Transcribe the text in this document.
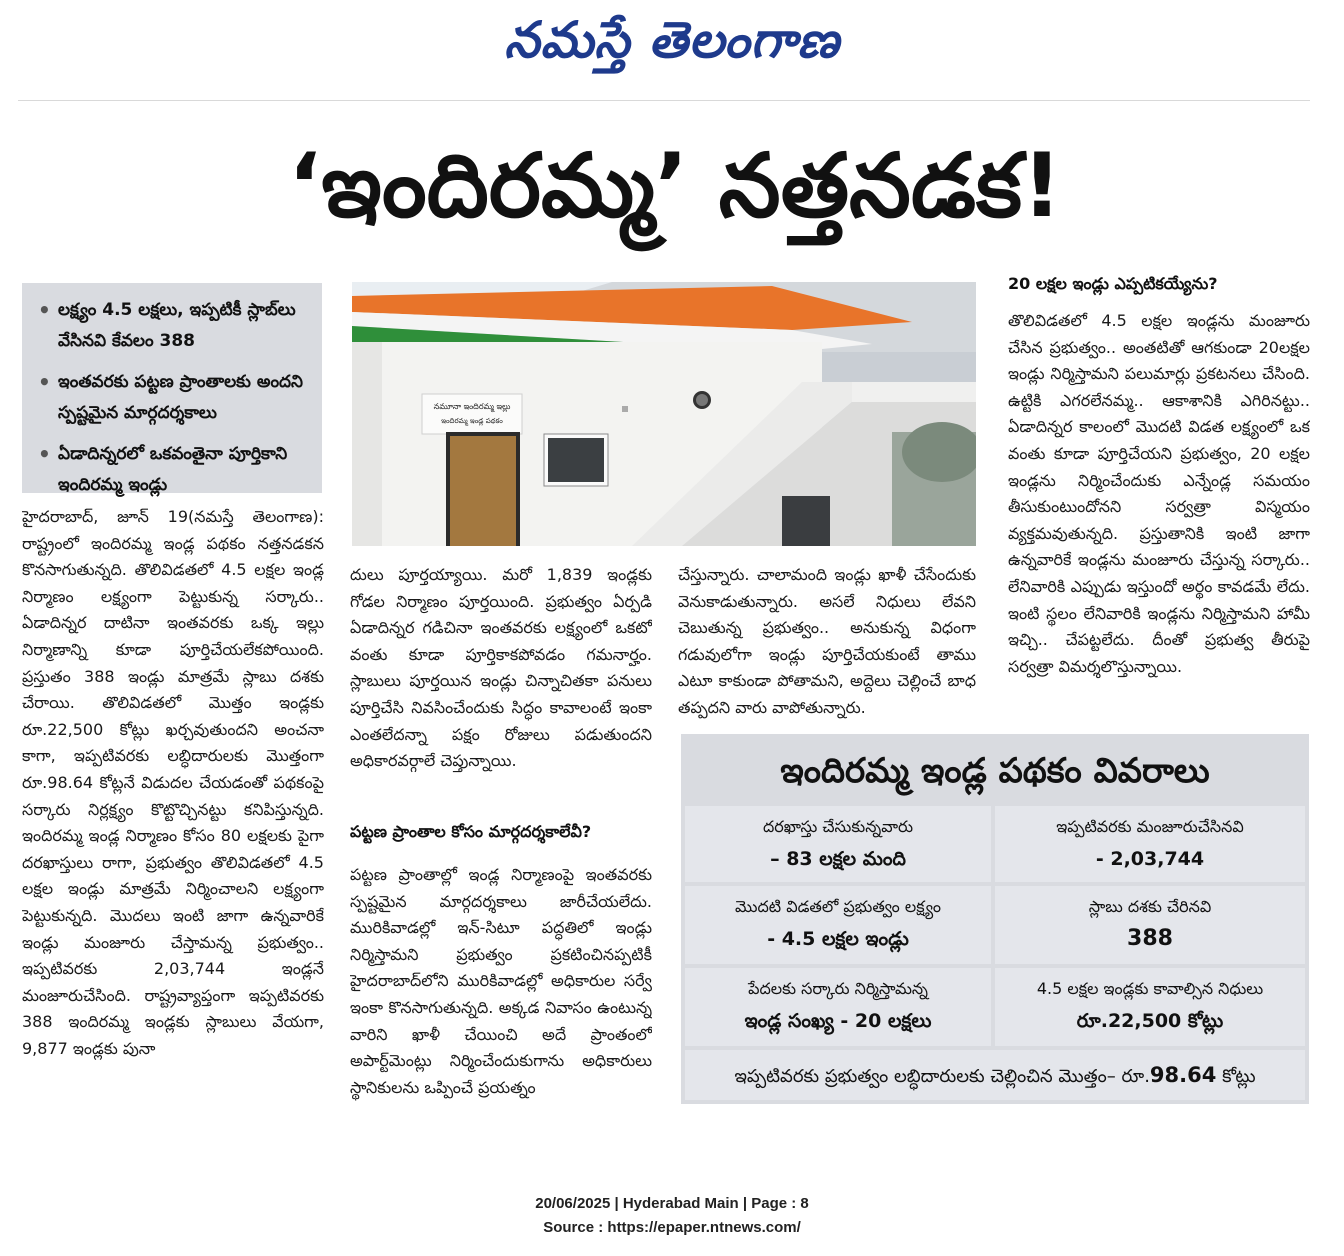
నమస్తే తెలంగాణ
‘ఇందిరమ్మ’ నత్తనడక!
• లక్ష్యం 4.5 లక్షలు, ఇప్పటికీ స్లాబ్‌లు వేసినవి కేవలం 388
• ఇంతవరకు పట్టణ ప్రాంతాలకు అందని స్పష్టమైన మార్గదర్శకాలు
• ఏడాదిన్నరలో ఒకవంతైనా పూర్తికాని ఇందిరమ్మ ఇండ్లు
హైదరాబాద్, జూన్ 19(నమస్తే తెలంగాణ): రాష్ట్రంలో ఇందిరమ్మ ఇండ్ల పథకం నత్తనడకన కొనసాగుతున్నది. తొలివిడతలో 4.5 లక్షల ఇండ్ల నిర్మాణం లక్ష్యంగా పెట్టుకున్న సర్కారు.. ఏడాదిన్నర దాటినా ఇంతవరకు ఒక్క ఇల్లు నిర్మాణాన్ని కూడా పూర్తిచేయలేకపోయింది. ప్రస్తుతం 388 ఇండ్లు మాత్రమే స్లాబు దశకు చేరాయి. తొలివిడతలో మొత్తం ఇండ్లకు రూ.22,500 కోట్లు ఖర్చవుతుందని అంచనా కాగా, ఇప్పటివరకు లబ్ధిదారులకు మొత్తంగా రూ.98.64 కోట్లనే విడుదల చేయడంతో పథకంపై సర్కారు నిర్లక్ష్యం కొట్టొచ్చినట్టు కనిపిస్తున్నది. ఇందిరమ్మ ఇండ్ల నిర్మాణం కోసం 80 లక్షలకు పైగా దరఖాస్తులు రాగా, ప్రభుత్వం తొలివిడతలో 4.5 లక్షల ఇండ్లు మాత్రమే నిర్మించాలని లక్ష్యంగా పెట్టుకున్నది. మొదలు ఇంటి జాగా ఉన్నవారికే ఇండ్లు మంజూరు చేస్తామన్న ప్రభుత్వం.. ఇప్పటివరకు 2,03,744 ఇండ్లనే మంజూరుచేసింది. రాష్ట్రవ్యాప్తంగా ఇప్పటివరకు 388 ఇందిరమ్మ ఇండ్లకు స్లాబులు వేయగా, 9,877 ఇండ్లకు పునా
నమూనా ఇందిరమ్మ ఇల్లు
ఇందిరమ్మ ఇండ్ల పథకం
దులు పూర్తయ్యాయి. మరో 1,839 ఇండ్లకు గోడల నిర్మాణం పూర్తయింది. ప్రభుత్వం ఏర్పడి ఏడాదిన్నర గడిచినా ఇంతవరకు లక్ష్యంలో ఒకటో వంతు కూడా పూర్తికాకపోవడం గమనార్హం. స్లాబులు పూర్తయిన ఇండ్లు చిన్నాచితకా పనులు పూర్తిచేసి నివసించేందుకు సిద్ధం కావాలంటే ఇంకా ఎంతలేదన్నా పక్షం రోజులు పడుతుందని అధికారవర్గాలే చెప్తున్నాయి.
పట్టణ ప్రాంతాల కోసం మార్గదర్శకాలేవీ?
పట్టణ ప్రాంతాల్లో ఇండ్ల నిర్మాణంపై ఇంతవరకు స్పష్టమైన మార్గదర్శకాలు జారీచేయలేదు. మురికివాడల్లో ఇన్-సిటూ పద్ధతిలో ఇండ్లు నిర్మిస్తామని ప్రభుత్వం ప్రకటించినప్పటికీ హైదరాబాద్‌లోని మురికివాడల్లో అధికారుల సర్వే ఇంకా కొనసాగుతున్నది. అక్కడ నివాసం ఉంటున్న వారిని ఖాళీ చేయించి అదే ప్రాంతంలో అపార్ట్‌మెంట్లు నిర్మించేందుకుగాను అధికారులు స్థానికులను ఒప్పించే ప్రయత్నం
చేస్తున్నారు. చాలామంది ఇండ్లు ఖాళీ చేసేందుకు వెనుకాడుతున్నారు. అసలే నిధులు లేవని చెబుతున్న ప్రభుత్వం.. అనుకున్న విధంగా గడువులోగా ఇండ్లు పూర్తిచేయకుంటే తాము ఎటూ కాకుండా పోతామని, అద్దెలు చెల్లించే బాధ తప్పదని వారు వాపోతున్నారు.
20 లక్షల ఇండ్లు ఎప్పటికయ్యేను?
తొలివిడతలో 4.5 లక్షల ఇండ్లను మంజూరు చేసిన ప్రభుత్వం.. అంతటితో ఆగకుండా 20లక్షల ఇండ్లు నిర్మిస్తామని పలుమార్లు ప్రకటనలు చేసింది. ఉట్టికి ఎగరలేనమ్మ.. ఆకాశానికి ఎగిరినట్టు.. ఏడాదిన్నర కాలంలో మొదటి విడత లక్ష్యంలో ఒక వంతు కూడా పూర్తిచేయని ప్రభుత్వం, 20 లక్షల ఇండ్లను నిర్మించేందుకు ఎన్నేండ్ల సమయం తీసుకుంటుందోనని సర్వత్రా విస్మయం వ్యక్తమవుతున్నది. ప్రస్తుతానికి ఇంటి జాగా ఉన్నవారికే ఇండ్లను మంజూరు చేస్తున్న సర్కారు.. లేనివారికి ఎప్పుడు ఇస్తుందో అర్థం కావడమే లేదు. ఇంటి స్థలం లేనివారికి ఇండ్లను నిర్మిస్తామని హామీ ఇచ్చి.. చేపట్టలేదు. దీంతో ప్రభుత్వ తీరుపై సర్వత్రా విమర్శలొస్తున్నాయి.
ఇందిరమ్మ ఇండ్ల పథకం వివరాలు
దరఖాస్తు చేసుకున్నవారు
– 83 లక్షల మంది
ఇప్పటివరకు మంజూరుచేసినవి
- 2,03,744
మొదటి విడతలో ప్రభుత్వం లక్ష్యం
- 4.5 లక్షల ఇండ్లు
స్లాబు దశకు చేరినవి
388
పేదలకు సర్కారు నిర్మిస్తామన్న
ఇండ్ల సంఖ్య - 20 లక్షలు
4.5 లక్షల ఇండ్లకు కావాల్సిన నిధులు
రూ.22,500 కోట్లు
ఇప్పటివరకు ప్రభుత్వం లబ్ధిదారులకు చెల్లించిన మొత్తం– రూ.98.64 కోట్లు
20/06/2025 | Hyderabad Main | Page : 8
Source : https://epaper.ntnews.com/
